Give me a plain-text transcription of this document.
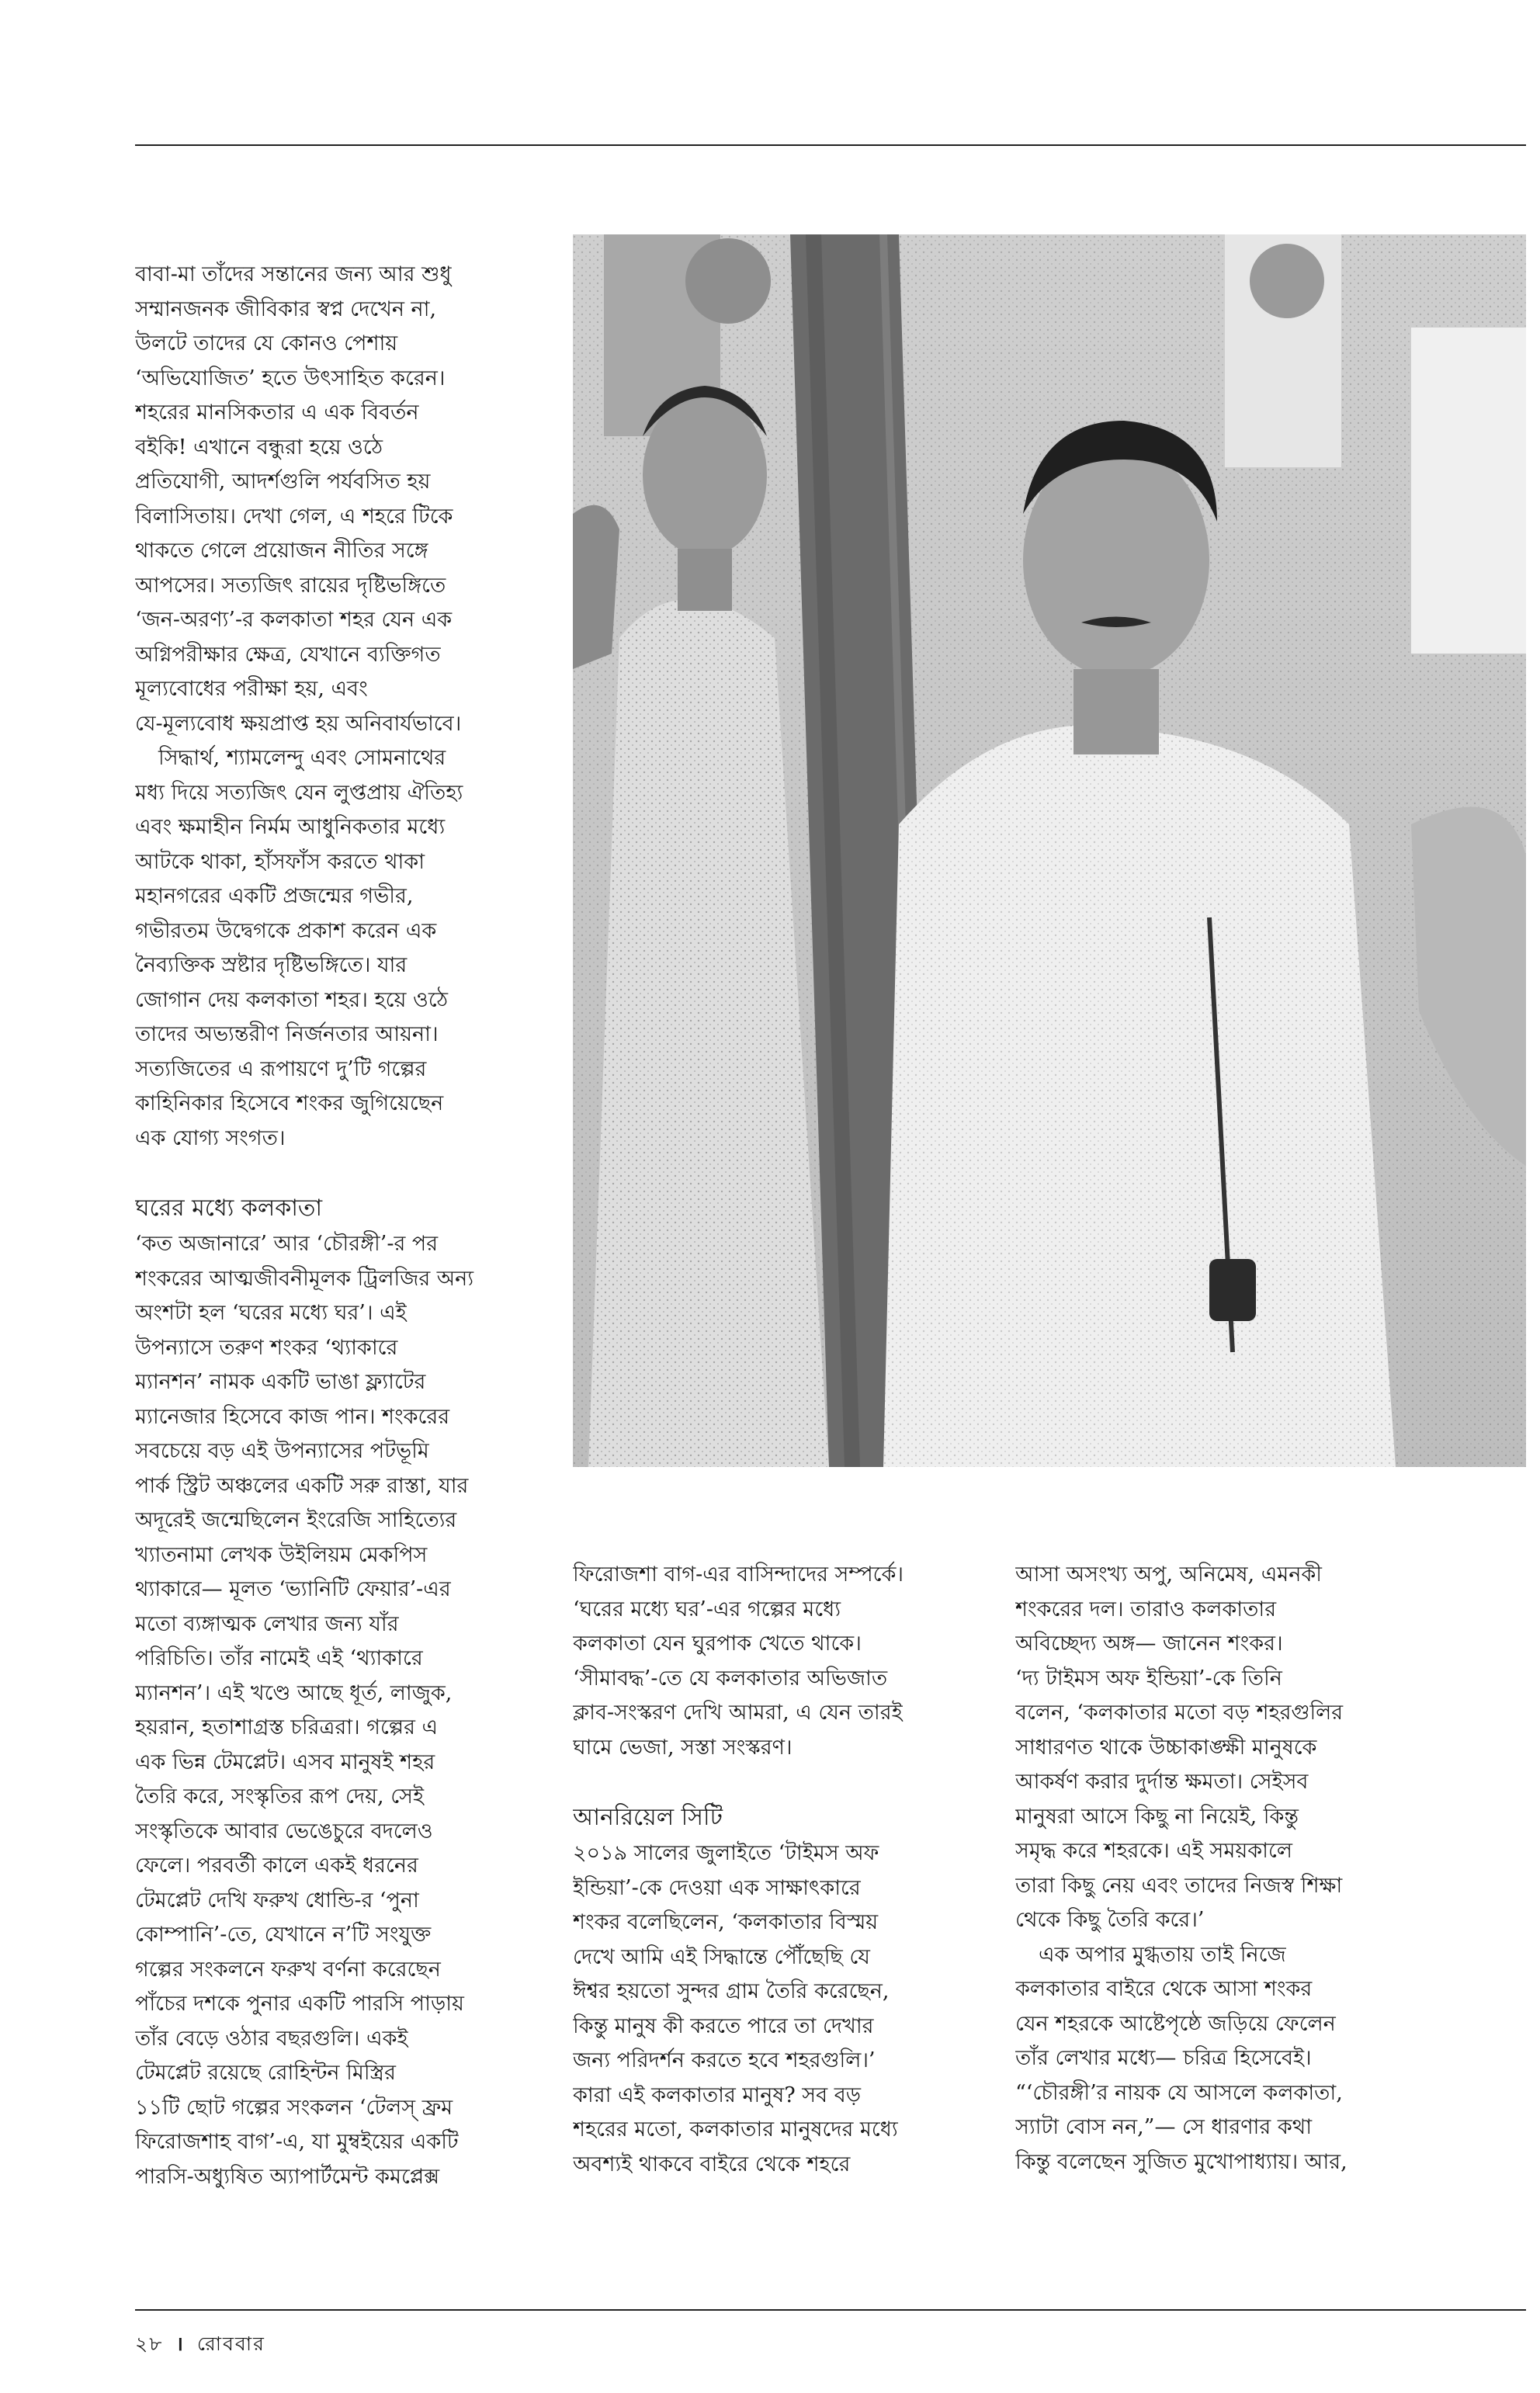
বাবা-মা তাঁদের সন্তানের জন্য আর শুধু

সম্মানজনক জীবিকার স্বপ্ন দেখেন না,

উলটে তাদের যে কোনও পেশায়

‘অভিযোজিত’ হতে উৎসাহিত করেন।

শহরের মানসিকতার এ এক বিবর্তন

বইকি! এখানে বন্ধুরা হয়ে ওঠে

প্রতিযোগী, আদর্শগুলি পর্যবসিত হয়

বিলাসিতায়। দেখা গেল, এ শহরে টিকে

থাকতে গেলে প্রয়োজন নীতির সঙ্গে

আপসের। সত্যজিৎ রায়ের দৃষ্টিভঙ্গিতে

‘জন-অরণ্য’-র কলকাতা শহর যেন এক

অগ্নিপরীক্ষার ক্ষেত্র, যেখানে ব্যক্তিগত

মূল্যবোধের পরীক্ষা হয়, এবং

যে-মূল্যবোধ ক্ষয়প্রাপ্ত হয় অনিবার্যভাবে।

সিদ্ধার্থ, শ্যামলেন্দু এবং সোমনাথের

মধ্য দিয়ে সত্যজিৎ যেন লুপ্তপ্রায় ঐতিহ্য

এবং ক্ষমাহীন নির্মম আধুনিকতার মধ্যে

আটকে থাকা, হাঁসফাঁস করতে থাকা

মহানগরের একটি প্রজন্মের গভীর,

গভীরতম উদ্বেগকে প্রকাশ করেন এক

নৈব্যক্তিক স্রষ্টার দৃষ্টিভঙ্গিতে। যার

জোগান দেয় কলকাতা শহর। হয়ে ওঠে

তাদের অভ্যন্তরীণ নির্জনতার আয়না।

সত্যজিতের এ রূপায়ণে দু’টি গল্পের

কাহিনিকার হিসেবে শংকর জুগিয়েছেন

এক যোগ্য সংগত।

ঘরের মধ্যে কলকাতা

‘কত অজানারে’ আর ‘চৌরঙ্গী’-র পর

শংকরের আত্মজীবনীমূলক ট্রিলজির অন্য

অংশটা হল ‘ঘরের মধ্যে ঘর’। এই

উপন্যাসে তরুণ শংকর ‘থ্যাকারে

ম্যানশন’ নামক একটি ভাঙা ফ্ল্যাটের

ম্যানেজার হিসেবে কাজ পান। শংকরের

সবচেয়ে বড় এই উপন্যাসের পটভূমি

পার্ক স্ট্রিট অঞ্চলের একটি সরু রাস্তা, যার

অদূরেই জন্মেছিলেন ইংরেজি সাহিত্যের

খ্যাতনামা লেখক উইলিয়ম মেকপিস

থ্যাকারে— মূলত ‘ভ্যানিটি ফেয়ার’-এর

মতো ব্যঙ্গাত্মক লেখার জন্য যাঁর

পরিচিতি। তাঁর নামেই এই ‘থ্যাকারে

ম্যানশন’। এই খণ্ডে আছে ধূর্ত, লাজুক,

হয়রান, হতাশাগ্রস্ত চরিত্ররা। গল্পের এ

এক ভিন্ন টেমপ্লেট। এসব মানুষই শহর

তৈরি করে, সংস্কৃতির রূপ দেয়, সেই

সংস্কৃতিকে আবার ভেঙেচুরে বদলেও

ফেলে। পরবর্তী কালে একই ধরনের

টেমপ্লেট দেখি ফরুখ ধোন্ডি-র ‘পুনা

কোম্পানি’-তে, যেখানে ন’টি সংযুক্ত

গল্পের সংকলনে ফরুখ বর্ণনা করেছেন

পাঁচের দশকে পুনার একটি পারসি পাড়ায়

তাঁর বেড়ে ওঠার বছরগুলি। একই

টেমপ্লেট রয়েছে রোহিন্টন মিস্ত্রির

১১টি ছোট গল্পের সংকলন ‘টেলস্ ফ্রম

ফিরোজশাহ বাগ’-এ, যা মুম্বইয়ের একটি

পারসি-অধ্যুষিত অ্যাপার্টমেন্ট কমপ্লেক্স

ফিরোজশা বাগ-এর বাসিন্দাদের সম্পর্কে।

‘ঘরের মধ্যে ঘর’-এর গল্পের মধ্যে

কলকাতা যেন ঘুরপাক খেতে থাকে।

‘সীমাবদ্ধ’-তে যে কলকাতার অভিজাত

ক্লাব-সংস্করণ দেখি আমরা, এ যেন তারই

ঘামে ভেজা, সস্তা সংস্করণ।

আনরিয়েল সিটি

২০১৯ সালের জুলাইতে ‘টাইমস অফ

ইন্ডিয়া’-কে দেওয়া এক সাক্ষাৎকারে

শংকর বলেছিলেন, ‘কলকাতার বিস্ময়

দেখে আমি এই সিদ্ধান্তে পৌঁছেছি যে

ঈশ্বর হয়তো সুন্দর গ্রাম তৈরি করেছেন,

কিন্তু মানুষ কী করতে পারে তা দেখার

জন্য পরিদর্শন করতে হবে শহরগুলি।’

কারা এই কলকাতার মানুষ? সব বড়

শহরের মতো, কলকাতার মানুষদের মধ্যে

অবশ্যই থাকবে বাইরে থেকে শহরে

আসা অসংখ্য অপু, অনিমেষ, এমনকী

শংকরের দল। তারাও কলকাতার

অবিচ্ছেদ্য অঙ্গ— জানেন শংকর।

‘দ্য টাইমস অফ ইন্ডিয়া’-কে তিনি

বলেন, ‘কলকাতার মতো বড় শহরগুলির

সাধারণত থাকে উচ্চাকাঙ্ক্ষী মানুষকে

আকর্ষণ করার দুর্দান্ত ক্ষমতা। সেইসব

মানুষরা আসে কিছু না নিয়েই, কিন্তু

সমৃদ্ধ করে শহরকে। এই সময়কালে

তারা কিছু নেয় এবং তাদের নিজস্ব শিক্ষা

থেকে কিছু তৈরি করে।’

এক অপার মুগ্ধতায় তাই নিজে

কলকাতার বাইরে থেকে আসা শংকর

যেন শহরকে আষ্টেপৃষ্ঠে জড়িয়ে ফেলেন

তাঁর লেখার মধ্যে— চরিত্র হিসেবেই।

“‘চৌরঙ্গী’র নায়ক যে আসলে কলকাতা,

স্যাটা বোস নন,”— সে ধারণার কথা

কিন্তু বলেছেন সুজিত মুখোপাধ্যায়। আর,

২৮ । রোববার
